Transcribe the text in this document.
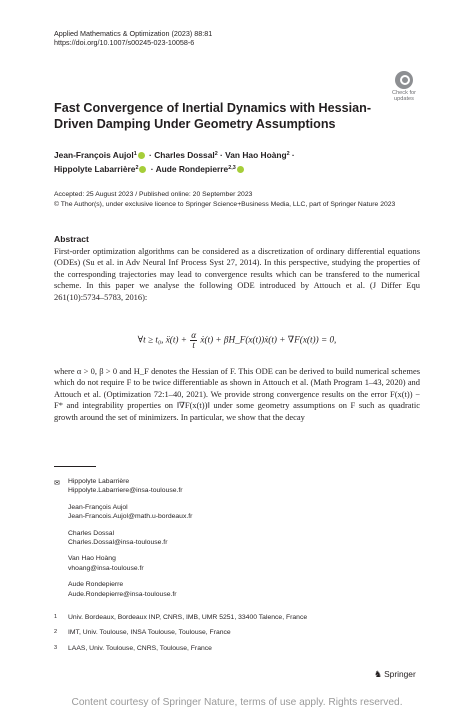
Applied Mathematics & Optimization (2023) 88:81
https://doi.org/10.1007/s00245-023-10058-6
Check for
updates
Fast Convergence of Inertial Dynamics with Hessian-Driven Damping Under Geometry Assumptions
Jean-François Aujol$^1$ · Charles Dossal$^2$ · Van Hao Hoàng$^2$ ·
Hippolyte Labarrière$^2$ · Aude Rondepierre$^{2,3}$
Accepted: 25 August 2023 / Published online: 20 September 2023
© The Author(s), under exclusive licence to Springer Science+Business Media, LLC, part of Springer Nature 2023
Abstract
First-order optimization algorithms can be considered as a discretization of ordinary differential equations (ODEs) (Su et al. in Adv Neural Inf Process Syst 27, 2014). In this perspective, studying the properties of the corresponding trajectories may lead to convergence results which can be transfered to the numerical scheme. In this paper we analyse the following ODE introduced by Attouch et al. (J Differ Equ 261(10):5734–5783, 2016):
∀t ≥ t₀, ẍ(t) + $\frac{\alpha}{t}$ ẋ(t) + βH_F(x(t))ẋ(t) + ∇F(x(t)) = 0,
where α > 0, β > 0 and H_F denotes the Hessian of F. This ODE can be derived to build numerical schemes which do not require F to be twice differentiable as shown in Attouch et al. (Math Program 1–43, 2020) and Attouch et al. (Optimization 72:1–40, 2021). We provide strong convergence results on the error F(x(t)) − F* and integrability properties on ‖∇F(x(t))‖ under some geometry assumptions on F such as quadratic growth around the set of minimizers. In particular, we show that the decay
✉ Hippolyte Labarrière
Hippolyte.Labarriere@insa-toulouse.fr
Jean-François Aujol
Jean-Francois.Aujol@math.u-bordeaux.fr
Charles Dossal
Charles.Dossal@insa-toulouse.fr
Van Hao Hoàng
vhoang@insa-toulouse.fr
Aude Rondepierre
Aude.Rondepierre@insa-toulouse.fr
1 Univ. Bordeaux, Bordeaux INP, CNRS, IMB, UMR 5251, 33400 Talence, France
2 IMT, Univ. Toulouse, INSA Toulouse, Toulouse, France
3 LAAS, Univ. Toulouse, CNRS, Toulouse, France
♞ Springer
Content courtesy of Springer Nature, terms of use apply. Rights reserved.
